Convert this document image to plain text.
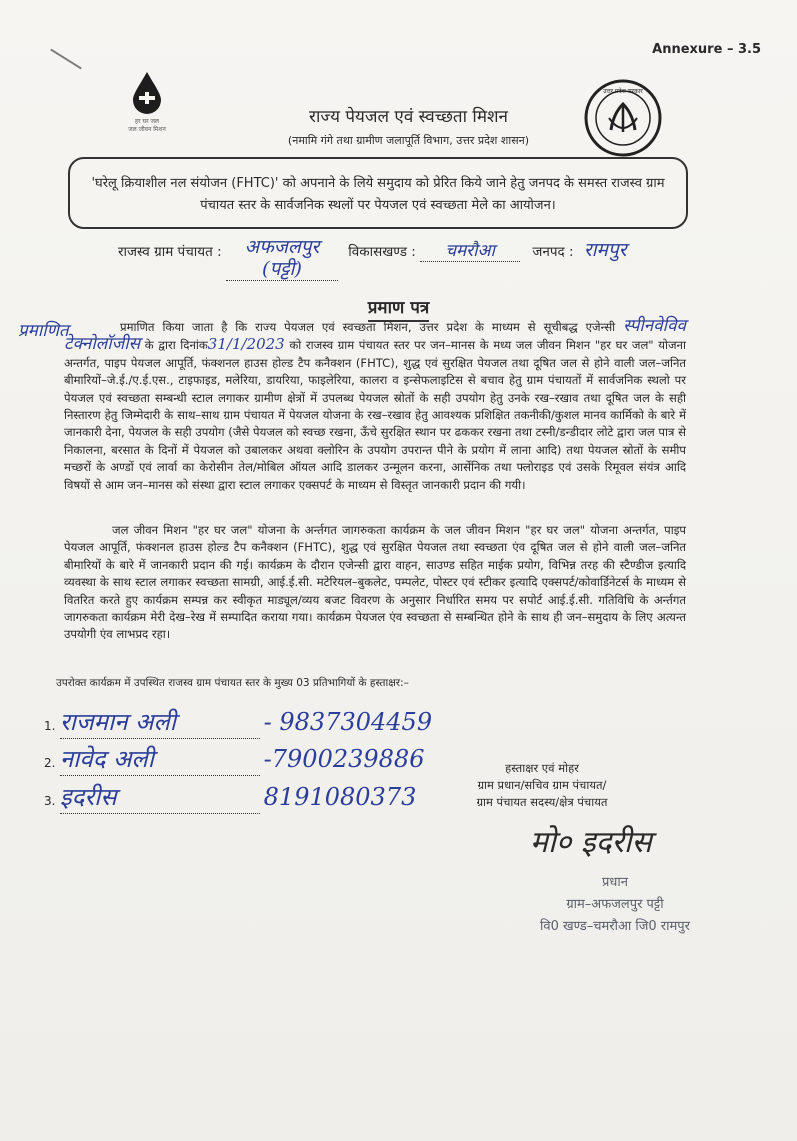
Annexure – 3.5
हर घर जल
जल जीवन मिशन
उत्तर प्रदेश सरकार
राज्य पेयजल एवं स्वच्छता मिशन
(नमामि गंगे तथा ग्रामीण जलापूर्ति विभाग, उत्तर प्रदेश शासन)
'घरेलू क्रियाशील नल संयोजन (FHTC)' को अपनाने के लिये समुदाय को प्रेरित किये जाने हेतु जनपद के समस्त राजस्व ग्राम पंचायत स्तर के सार्वजनिक स्थलों पर पेयजल एवं स्वच्छता मेले का आयोजन।
राजस्व ग्राम पंचायत : अफजलपुर (पट्टी) विकासखण्ड : चमरौआ	जनपद : रामपुर
प्रमाण पत्र
प्रमाणित	प्रमाणित किया जाता है कि राज्य पेयजल एवं स्वच्छता मिशन, उत्तर प्रदेश के माध्यम से सूचीबद्ध एजेन्सी स्पीनवेविव टेक्नोलॉजीस के द्वारा दिनांक31/1/2023 को राजस्व ग्राम पंचायत स्तर पर जन–मानस के मध्य जल जीवन मिशन "हर घर जल" योजना अन्तर्गत, पाइप पेयजल आपूर्ति, फंक्शनल हाउस होल्ड टैप कनैक्शन (FHTC), शुद्ध एवं सुरक्षित पेयजल तथा दूषित जल से होने वाली जल–जनित बीमारियों–जे.ई./ए.ई.एस., टाइफाइड, मलेरिया, डायरिया, फाइलेरिया, कालरा व इन्सेफलाइटिस से बचाव हेतु ग्राम पंचायतों में सार्वजनिक स्थलो पर पेयजल एवं स्वच्छता सम्बन्धी स्टाल लगाकर ग्रामीण क्षेत्रों में उपलब्ध पेयजल स्रोतों के सही उपयोग हेतु उनके रख–रखाव तथा दूषित जल के सही निस्तारण हेतु जिम्मेदारी के साथ–साथ ग्राम पंचायत में पेयजल योजना के रख–रखाव हेतु आवश्यक प्रशिक्षित तकनीकी/कुशल मानव कार्मिको के बारे में जानकारी देना, पेयजल के सही उपयोग (जैसे पेयजल को स्वच्छ रखना, ऊँचे सुरक्षित स्थान पर ढककर रखना तथा टस्नी/डन्डीदार लोटे द्वारा जल पात्र से निकालना, बरसात के दिनों में पेयजल को उबालकर अथवा क्लोरिन के उपयोग उपरान्त पीने के प्रयोग में लाना आदि) तथा पेयजल स्रोतों के समीप मच्छरों के अण्डों एवं लार्वा का केरोसीन तेल/मोबिल ऑयल आदि डालकर उन्मूलन करना, आर्सेनिक तथा फ्लोराइड एवं उसके रिमूवल संयंत्र आदि विषयों से आम जन–मानस को संस्था द्वारा स्टाल लगाकर एक्सपर्ट के माध्यम से विस्तृत जानकारी प्रदान की गयी।
जल जीवन मिशन "हर घर जल" योजना के अर्न्तगत जागरुकता कार्यक्रम के जल जीवन मिशन "हर घर जल" योजना अन्तर्गत, पाइप पेयजल आपूर्ति, फंक्शनल हाउस होल्ड टैप कनैक्शन (FHTC), शुद्ध एवं सुरक्षित पेयजल तथा स्वच्छता एंव दूषित जल से होने वाली जल–जनित बीमारियों के बारे में जानकारी प्रदान की गई। कार्यक्रम के दौरान एजेन्सी द्वारा वाहन, साउण्ड सहित माईक प्रयोग, विभिन्न तरह की स्टैण्डीज इत्यादि व्यवस्था के साथ स्टाल लगाकर स्वच्छता सामग्री, आई.ई.सी. मटेरियल–बुकलेट, पम्पलेट, पोस्टर एवं स्टीकर इत्यादि एक्सपर्ट/कोवार्डिनेटर्स के माध्यम से वितरित करते हुए कार्यक्रम सम्पन्न कर स्वीकृत माड्यूल/व्यय बजट विवरण के अनुसार निर्धारित समय पर सपोर्ट आई.ई.सी. गतिविधि के अर्न्तगत जागरुकता कार्यक्रम मेरी देख–रेख में सम्पादित कराया गया। कार्यक्रम पेयजल एंव स्वच्छता से सम्बन्धित होने के साथ ही जन–समुदाय के लिए अत्यन्त उपयोगी एंव लाभप्रद रहा।
उपरोक्त कार्यक्रम में उपस्थित राजस्व ग्राम पंचायत स्तर के मुख्य 03 प्रतिभागियों के हस्ताक्षर:–
1. राजमान अली	- 9837304459
2. नावेद अली	-7900239886
3. इदरीस	8191080373
हस्ताक्षर एवं मोहर
ग्राम प्रधान/सचिव ग्राम पंचायत/
ग्राम पंचायत सदस्य/क्षेत्र पंचायत
मो० इदरीस
प्रधान
ग्राम–अफजलपुर पट्टी
वि0 खण्ड–चमरौआ जि0 रामपुर
